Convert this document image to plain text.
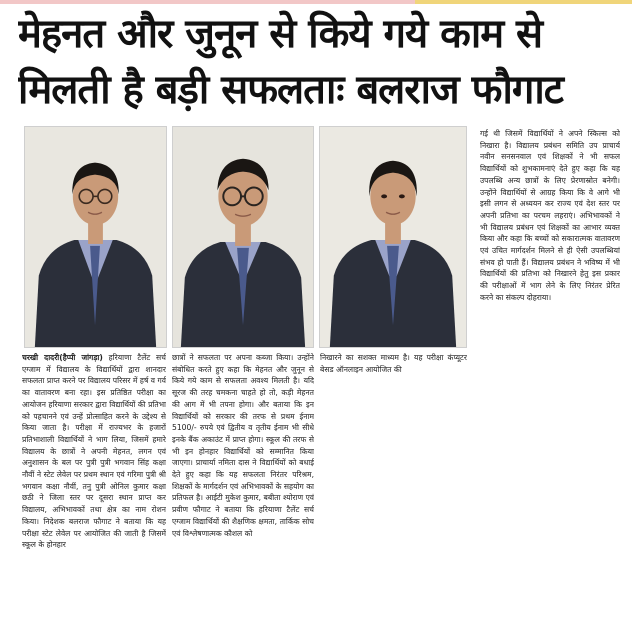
मेहनत और जुनून से किये गये काम से
मिलती है बड़ी सफलताः बलराज फौगाट
चरखी दादरी(हैप्पी जांगड़ा) हरियाणा टैलेंट सर्च एग्जाम में विद्यालय के विद्यार्थियों द्वारा शानदार सफलता प्राप्त करने पर विद्यालय परिसर में हर्ष व गर्व का वातावरण बना रहा। इस प्रतिष्ठित परीक्षा का आयोजन हरियाणा सरकार द्वारा विद्यार्थियों की प्रतिभा को पहचानने एवं उन्हें प्रोत्साहित करने के उद्देश्य से किया जाता है। परीक्षा में राज्यभर के हजारों प्रतिभाशाली विद्यार्थियों ने भाग लिया, जिसमें हमारे विद्यालय के छात्रों ने अपनी मेहनत, लगन एवं अनुशासन के बल पर पुत्री पुत्री भगवान सिंह कक्षा नौवीं ने स्टेट लेवेल पर प्रथम स्थान एवं गरिमा पुत्री श्री भगवान कक्षा नौवीं, तनु पुत्री ओनिल कुमार कक्षा छठी ने जिला स्तर पर दूसरा स्थान प्राप्त कर विद्यालय, अभिभावकों तथा क्षेत्र का नाम रोशन किया। निदेशक बलराज फौगाट ने बताया कि यह परीक्षा स्टेट लेवेल पर आयोजित की जाती है जिसमें स्कूल के होनहार
छात्रों ने सफलता पर अपना कब्जा किया। उन्होंने संबोधित करते हुए कहा कि मेहनत और जुनून से किये गये काम से सफलता अवश्य मिलती है। यदि सूरज की तरह चमकना चाहते हो तो, कड़ी मेहनत की आग में भी तपना होगा। और बताया कि इन विद्यार्थियों को सरकार की तरफ से प्रथम ईनाम 5100/- रुपये एवं द्वितीय व तृतीय ईनाम भी सीधे इनके बैंक अकाउंट में प्राप्त होगा। स्कूल की तरफ से भी इन होनहार विद्यार्थियों को सम्मानित किया जाएगा। प्राचार्या नमिता दास ने विद्यार्थियों को बधाई देते हुए कहा कि यह सफलता निरंतर परिश्रम, शिक्षकों के मार्गदर्शन एवं अभिभावकों के सहयोग का प्रतिफल है। आईटी मुकेश कुमार, बबीता श्योराण एवं प्रवीण फौगाट ने बताया कि हरियाणा टैलेंट सर्च एग्जाम विद्यार्थियों की शैक्षणिक क्षमता, तार्किक सोच एवं विश्लेषणात्मक कौशल को
निखारने का सशक्त माध्यम है। यह परीक्षा कंप्यूटर बेसड ऑनलाइन आयोजित की
गई थी जिसमें विद्यार्थियों ने अपने स्किल्स को निखारा है। विद्यालय प्रबंधन समिति उप प्राचार्य नवीन सनसनवाल एवं शिक्षकों ने भी सफल विद्यार्थियों को शुभकामनाएं देते हुए कहा कि यह उपलब्धि अन्य छात्रों के लिए प्रेरणास्रोत बनेगी। उन्होंने विद्यार्थियों से आग्रह किया कि वे आगे भी इसी लगन से अध्ययन कर राज्य एवं देश स्तर पर अपनी प्रतिभा का परचम लहराएं। अभिभावकों ने भी विद्यालय प्रबंधन एवं शिक्षकों का आभार व्यक्त किया और कहा कि बच्चों को सकारात्मक वातावरण एवं उचित मार्गदर्शन मिलने से ही ऐसी उपलब्धियां संभव हो पाती हैं। विद्यालय प्रबंधन ने भविष्य में भी विद्यार्थियों की प्रतिभा को निखारने हेतु इस प्रकार की परीक्षाओं में भाग लेने के लिए निरंतर प्रेरित करने का संकल्प दोहराया।
